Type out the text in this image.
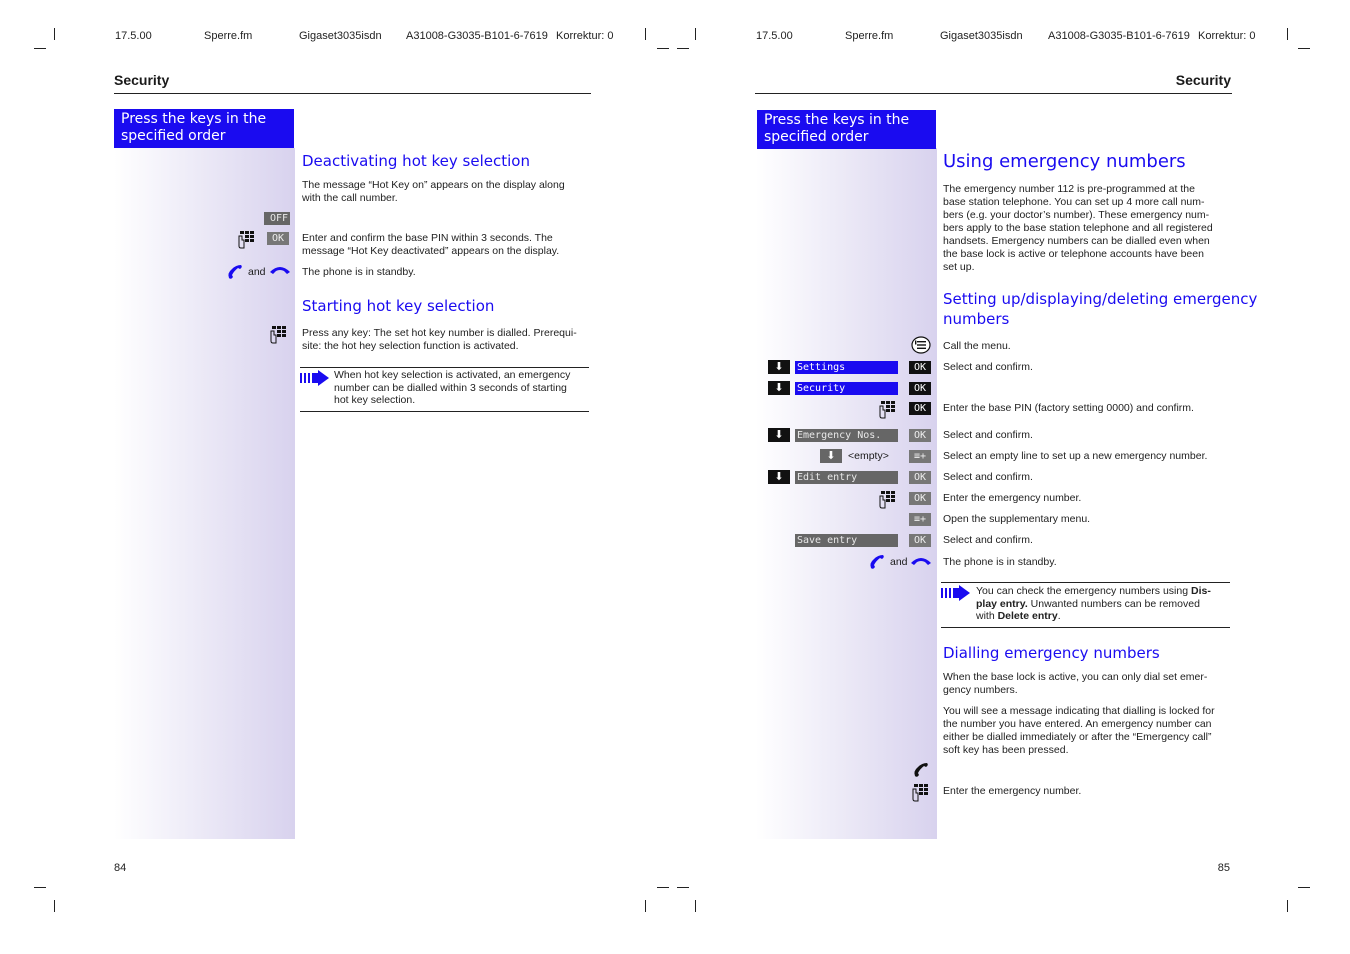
17.5.00	Sperre.fm	Gigaset3035isdn A31008-G3035-B101-6-7619 Korrektur: 0
Security
Press the keys in the
specified order
Deactivating hot key selection
The message “Hot Key on” appears on the display along
with the call number.
OFF
OK	Enter and confirm the base PIN within 3 seconds. The
message “Hot Key deactivated” appears on the display.
and	The phone is in standby.
Starting hot key selection
Press any key: The set hot key number is dialled. Prerequi-
site: the hot hey selection function is activated.
When hot key selection is activated, an emergency
number can be dialled within 3 seconds of starting
hot key selection.
84
17.5.00	Sperre.fm	Gigaset3035isdn A31008-G3035-B101-6-7619 Korrektur: 0
Security
Press the keys in the
specified order
Using emergency numbers
The emergency number 112 is pre-programmed at the
base station telephone. You can set up 4 more call num-
bers (e.g. your doctor’s number). These emergency num-
bers apply to the base station telephone and all registered
handsets. Emergency numbers can be dialled even when
the base lock is active or telephone accounts have been
set up.
Setting up/displaying/deleting emergency
numbers
Call the menu.
⬇	Settings	OK	Select and confirm.
⬇	Security	OK
OK	Enter the base PIN (factory setting 0000) and confirm.
⬇	Emergency Nos.	OK	Select and confirm.
⬇	<empty>	≡+	Select an empty line to set up a new emergency number.
⬇	Edit entry	OK	Select and confirm.
OK	Enter the emergency number.
≡+	Open the supplementary menu.
Save entry	OK	Select and confirm.
and	The phone is in standby.
You can check the emergency numbers using Dis-
play entry. Unwanted numbers can be removed
with Delete entry.
Dialling emergency numbers
When the base lock is active, you can only dial set emer-
gency numbers.
You will see a message indicating that dialling is locked for
the number you have entered. An emergency number can
either be dialled immediately or after the “Emergency call”
soft key has been pressed.
Enter the emergency number.
85
